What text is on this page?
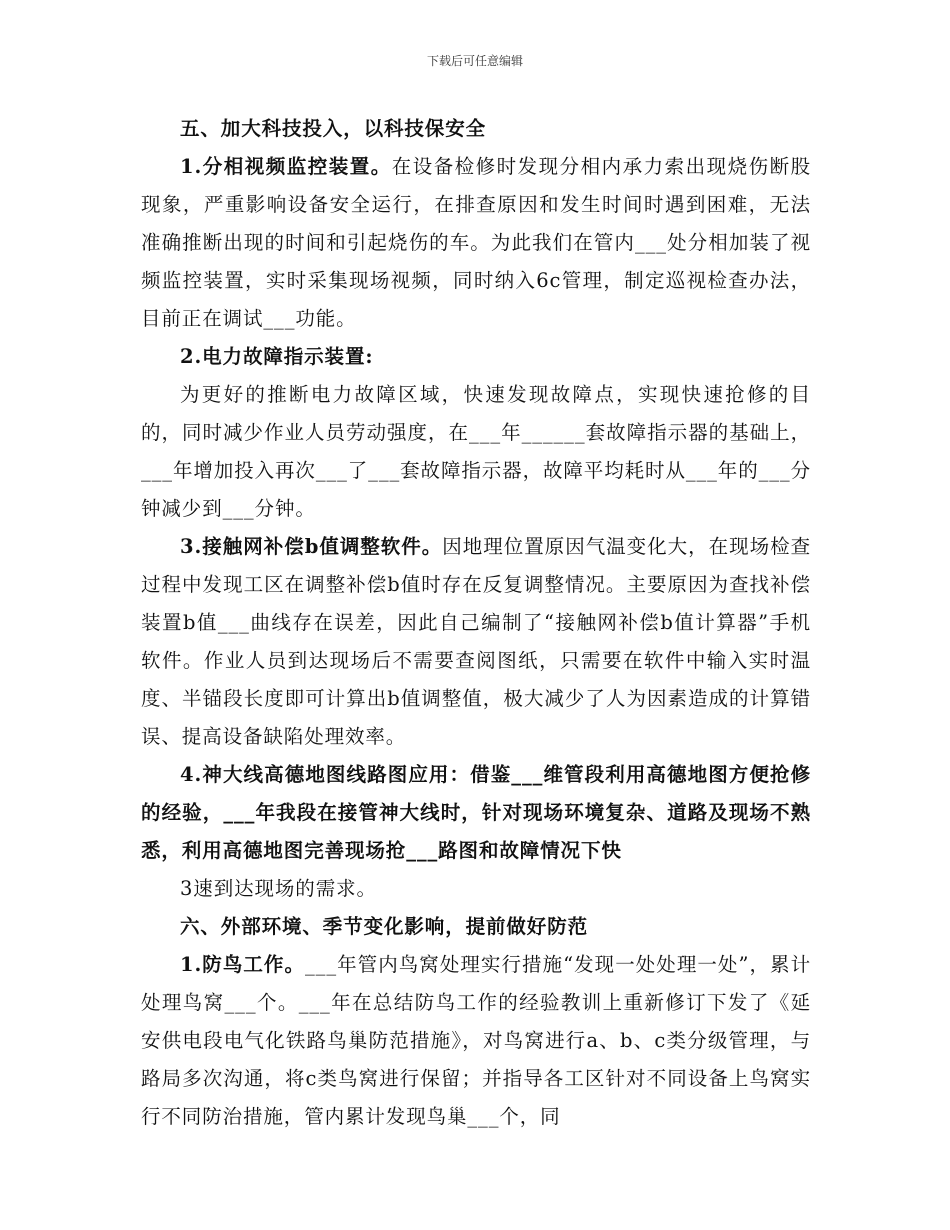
下载后可任意编辑

五、加大科技投入，以科技保安全

1.分相视频监控装置。在设备检修时发现分相内承力索出现烧伤断股现象，严重影响设备安全运行，在排查原因和发生时间时遇到困难，无法准确推断出现的时间和引起烧伤的车。为此我们在管内___处分相加装了视频监控装置，实时采集现场视频，同时纳入6c管理，制定巡视检查办法，目前正在调试___功能。

2.电力故障指示装置:

为更好的推断电力故障区域，快速发现故障点，实现快速抢修的目的，同时减少作业人员劳动强度，在___年______套故障指示器的基础上，___年增加投入再次___了___套故障指示器，故障平均耗时从___年的___分钟减少到___分钟。

3.接触网补偿b值调整软件。因地理位置原因气温变化大，在现场检查过程中发现工区在调整补偿b值时存在反复调整情况。主要原因为查找补偿装置b值___曲线存在误差，因此自己编制了“接触网补偿b值计算器”手机软件。作业人员到达现场后不需要查阅图纸，只需要在软件中输入实时温度、半锚段长度即可计算出b值调整值，极大减少了人为因素造成的计算错误、提高设备缺陷处理效率。

4.神大线高德地图线路图应用：借鉴___维管段利用高德地图方便抢修的经验，___年我段在接管神大线时，针对现场环境复杂、道路及现场不熟悉，利用高德地图完善现场抢___路图和故障情况下快

3速到达现场的需求。

六、外部环境、季节变化影响，提前做好防范

1.防鸟工作。___年管内鸟窝处理实行措施“发现一处处理一处”，累计处理鸟窝___个。___年在总结防鸟工作的经验教训上重新修订下发了《延安供电段电气化铁路鸟巢防范措施》，对鸟窝进行a、b、c类分级管理，与路局多次沟通，将c类鸟窝进行保留；并指导各工区针对不同设备上鸟窝实行不同防治措施，管内累计发现鸟巢___个，同
